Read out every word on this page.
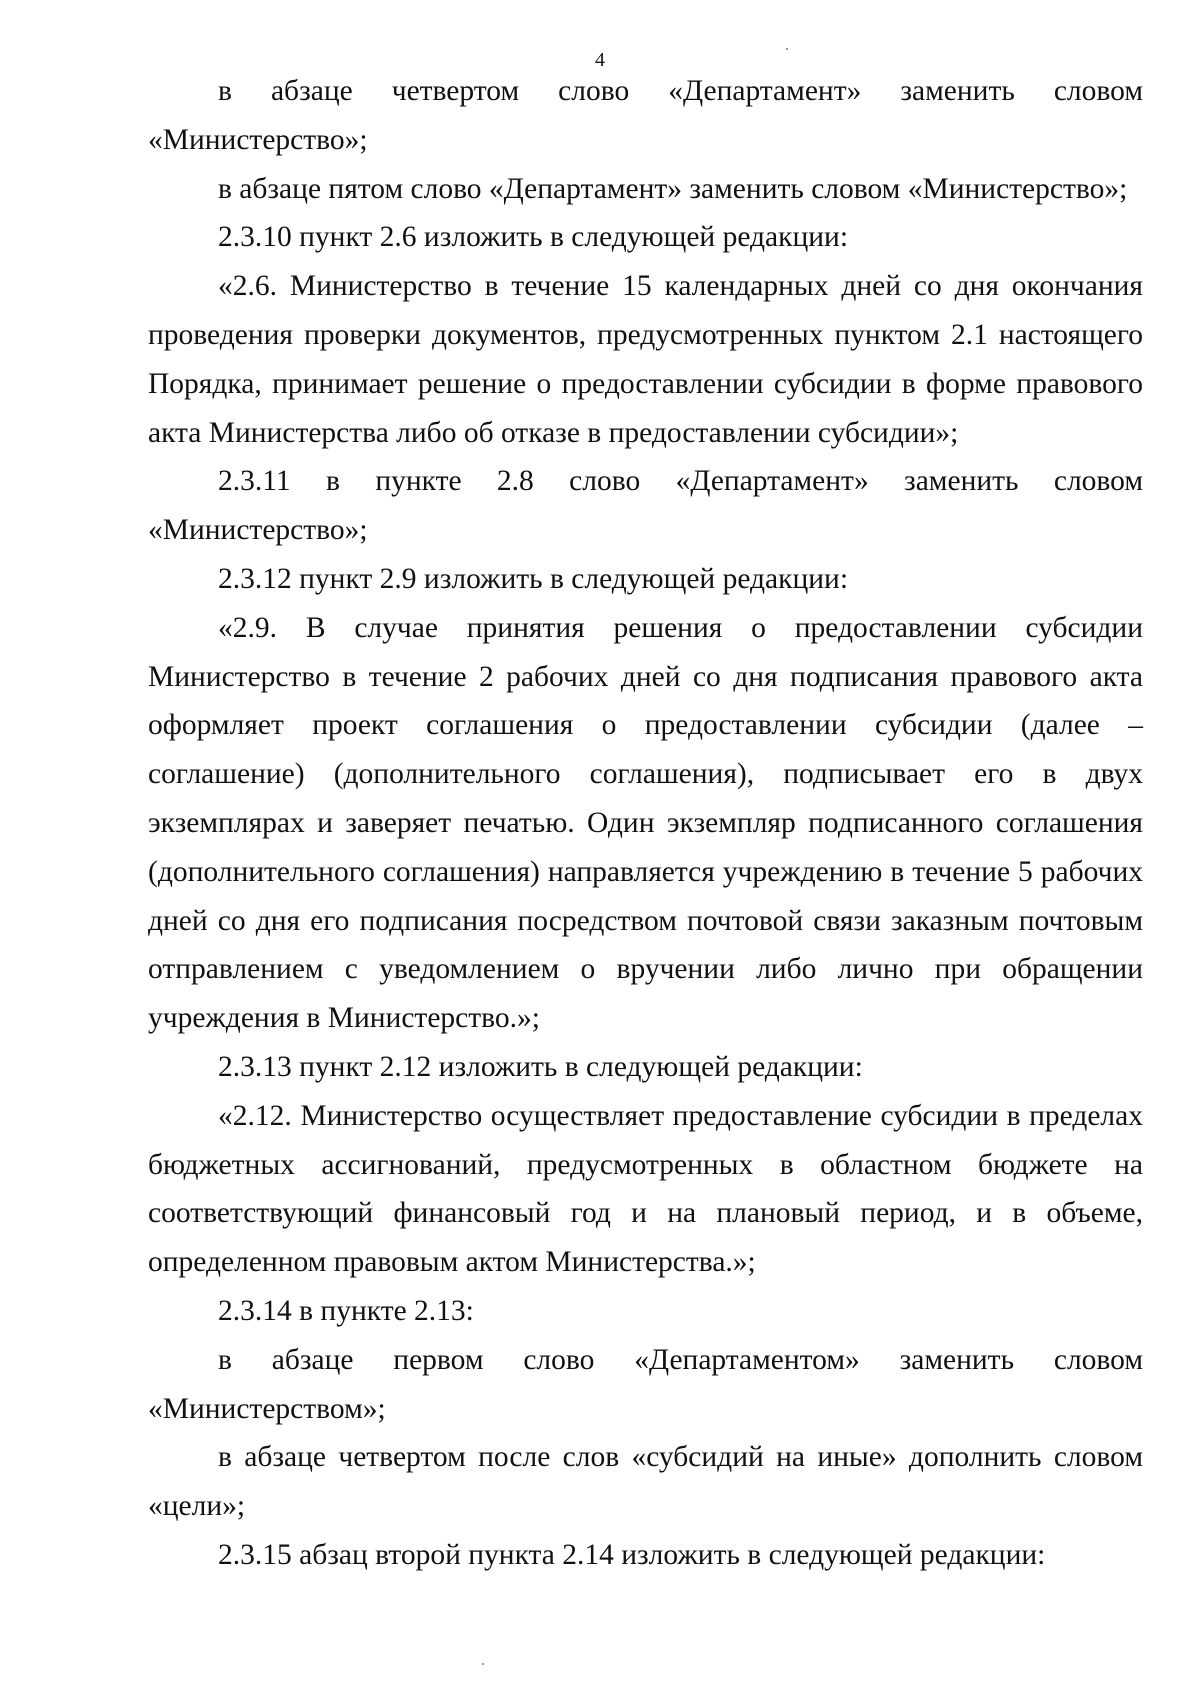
4

в абзаце четвертом слово «Департамент» заменить словом «Министерство»;

в абзаце пятом слово «Департамент» заменить словом «Министерство»;

2.3.10 пункт 2.6 изложить в следующей редакции:

«2.6. Министерство в течение 15 календарных дней со дня окончания проведения проверки документов, предусмотренных пунктом 2.1 настоящего Порядка, принимает решение о предоставлении субсидии в форме правового акта Министерства либо об отказе в предоставлении субсидии»;

2.3.11 в пункте 2.8 слово «Департамент» заменить словом «Министерство»;

2.3.12 пункт 2.9 изложить в следующей редакции:

«2.9. В случае принятия решения о предоставлении субсидии Министерство в течение 2 рабочих дней со дня подписания правового акта оформляет проект соглашения о предоставлении субсидии (далее – соглашение) (дополнительного соглашения), подписывает его в двух экземплярах и заверяет печатью. Один экземпляр подписанного соглашения (дополнительного соглашения) направляется учреждению в течение 5 рабочих дней со дня его подписания посредством почтовой связи заказным почтовым отправлением с уведомлением о вручении либо лично при обращении учреждения в Министерство.»;

2.3.13 пункт 2.12 изложить в следующей редакции:

«2.12. Министерство осуществляет предоставление субсидии в пределах бюджетных ассигнований, предусмотренных в областном бюджете на соответствующий финансовый год и на плановый период, и в объеме, определенном правовым актом Министерства.»;

2.3.14 в пункте 2.13:

в абзаце первом слово «Департаментом» заменить словом «Министерством»;

в абзаце четвертом после слов «субсидий на иные» дополнить словом «цели»;

2.3.15 абзац второй пункта 2.14 изложить в следующей редакции:
